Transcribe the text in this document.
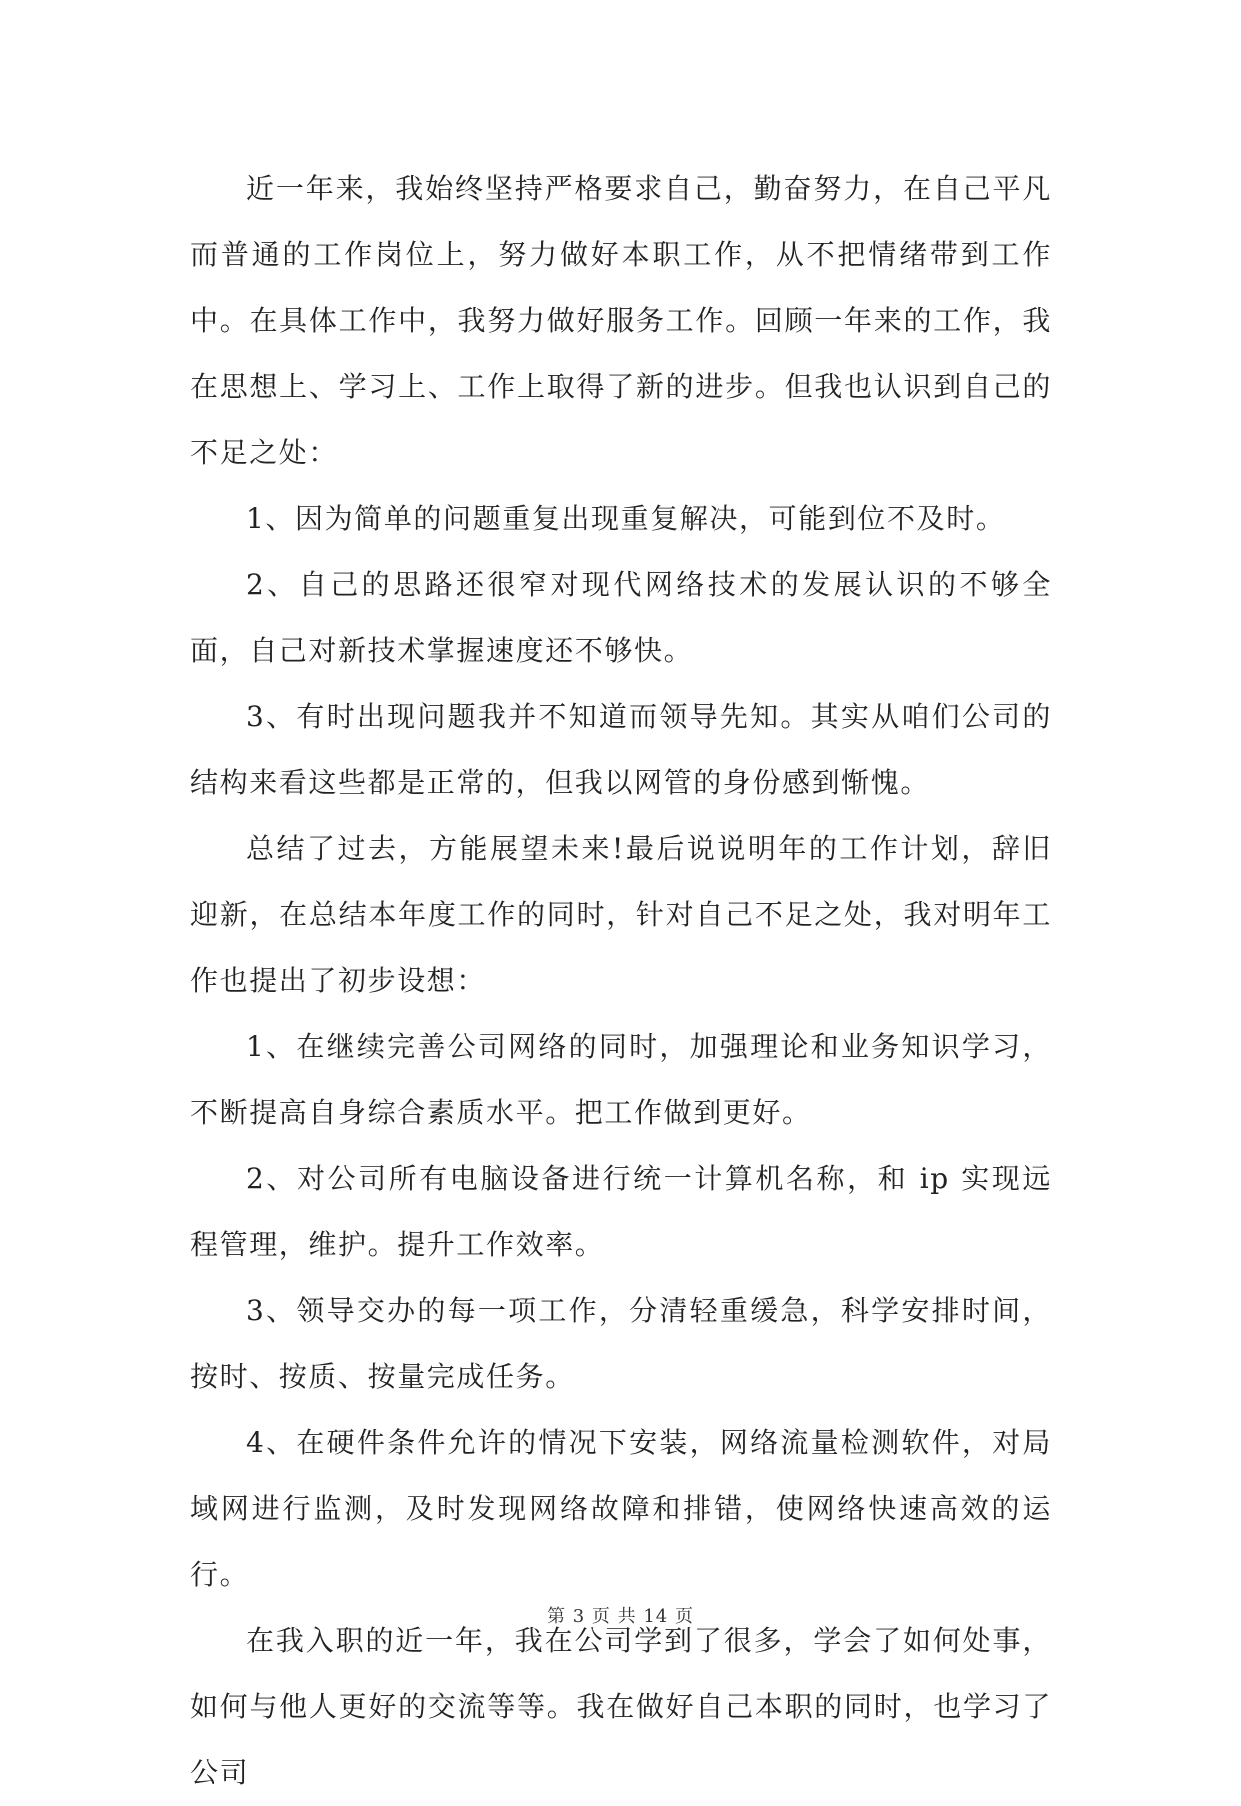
近一年来，我始终坚持严格要求自己，勤奋努力，在自己平凡而普通的工作岗位上，努力做好本职工作，从不把情绪带到工作中。在具体工作中，我努力做好服务工作。回顾一年来的工作，我在思想上、学习上、工作上取得了新的进步。但我也认识到自己的不足之处：

1、因为简单的问题重复出现重复解决，可能到位不及时。

2、自己的思路还很窄对现代网络技术的发展认识的不够全面，自己对新技术掌握速度还不够快。

3、有时出现问题我并不知道而领导先知。其实从咱们公司的结构来看这些都是正常的，但我以网管的身份感到惭愧。

总结了过去，方能展望未来!最后说说明年的工作计划，辞旧迎新，在总结本年度工作的同时，针对自己不足之处，我对明年工作也提出了初步设想：

1、在继续完善公司网络的同时，加强理论和业务知识学习，不断提高自身综合素质水平。把工作做到更好。

2、对公司所有电脑设备进行统一计算机名称，和 ip 实现远程管理，维护。提升工作效率。

3、领导交办的每一项工作，分清轻重缓急，科学安排时间，按时、按质、按量完成任务。

4、在硬件条件允许的情况下安装，网络流量检测软件，对局域网进行监测，及时发现网络故障和排错，使网络快速高效的运行。

在我入职的近一年，我在公司学到了很多，学会了如何处事，如何与他人更好的交流等等。我在做好自己本职的同时，也学习了公司

第 3 页 共 14 页
